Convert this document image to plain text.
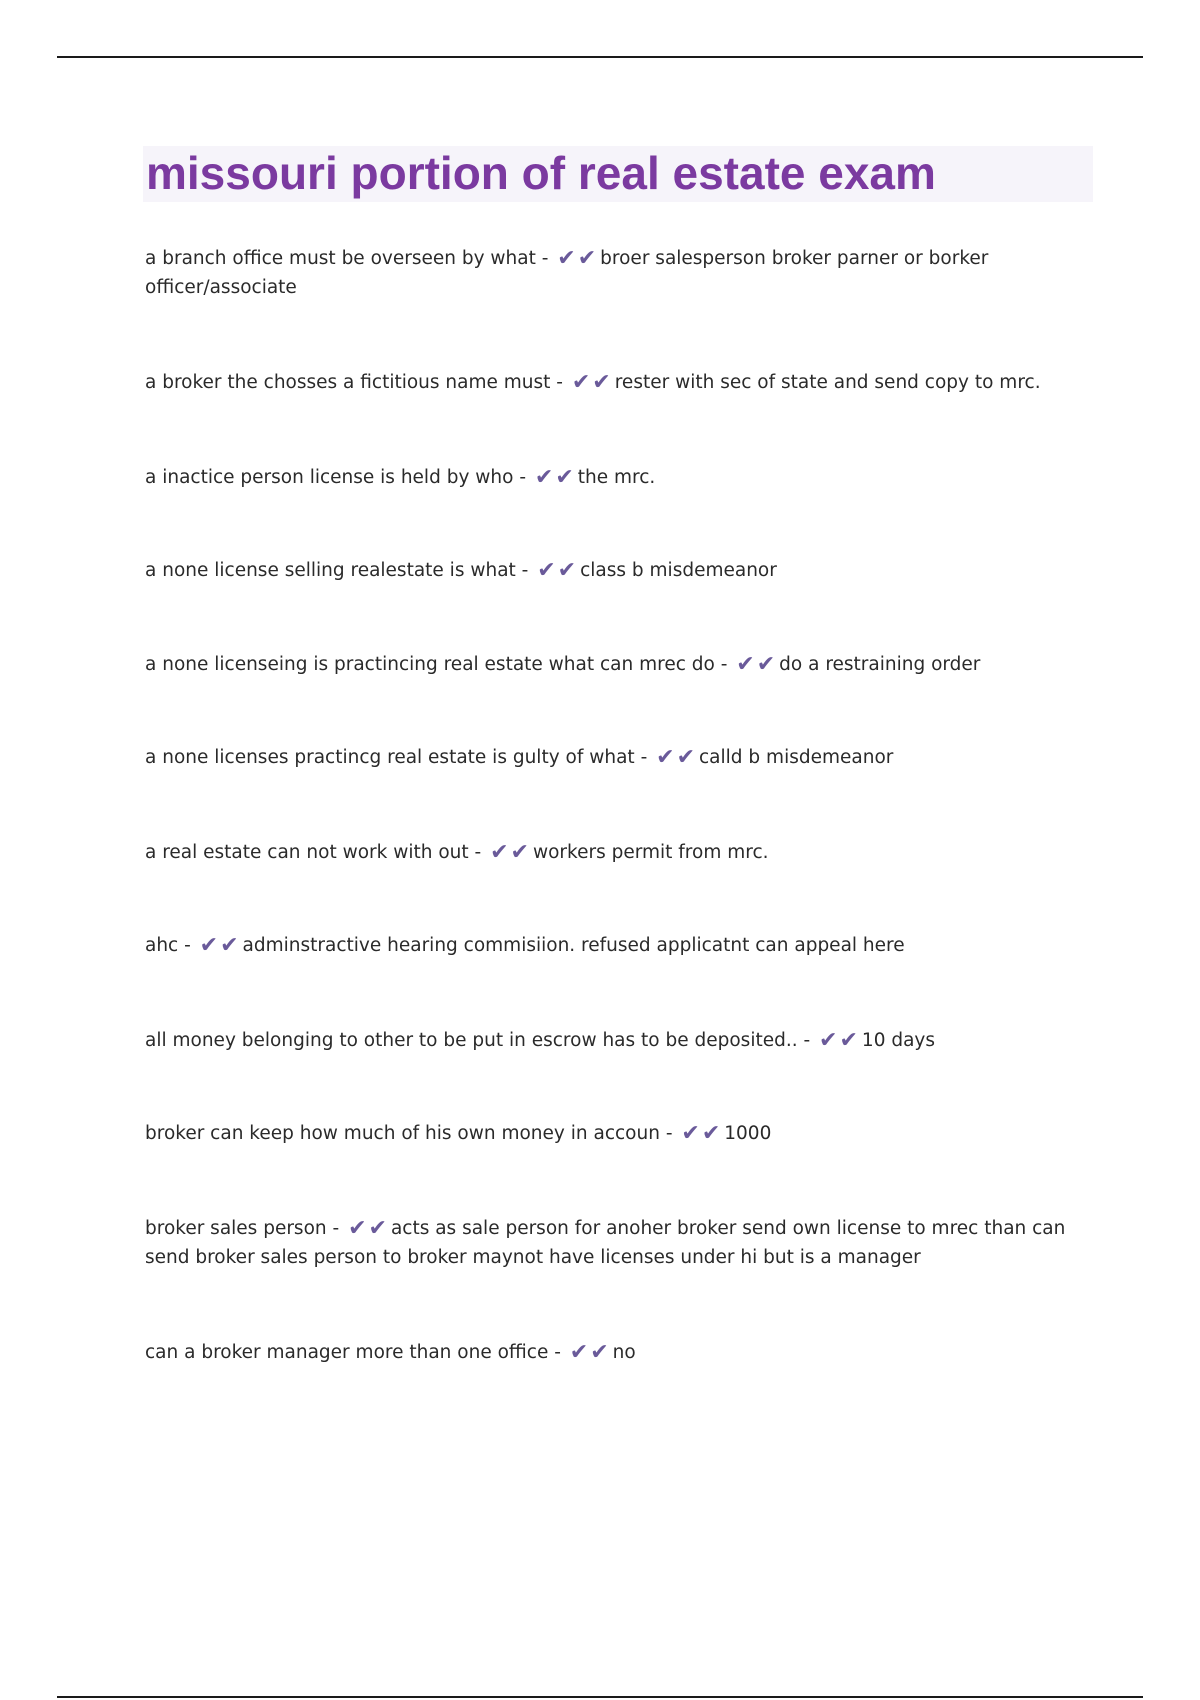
missouri portion of real estate exam

a branch office must be overseen by what - ✔✔ broer salesperson broker parner or borker officer/associate

a broker the chosses a fictitious name must - ✔✔ rester with sec of state and send copy to mrc.

a inactice person license is held by who - ✔✔ the mrc.

a none license selling realestate is what - ✔✔ class b misdemeanor

a none licenseing is practincing real estate what can mrec do - ✔✔ do a restraining order

a none licenses practincg real estate is gulty of what - ✔✔ calld b misdemeanor

a real estate can not work with out - ✔✔ workers permit from mrc.

ahc - ✔✔ adminstractive hearing commisiion. refused applicatnt can appeal here

all money belonging to other to be put in escrow has to be deposited.. - ✔✔ 10 days

broker can keep how much of his own money in accoun - ✔✔ 1000

broker sales person - ✔✔ acts as sale person for anoher broker send own license to mrec than can send broker sales person to broker maynot have licenses under hi but is a manager

can a broker manager more than one office - ✔✔ no
